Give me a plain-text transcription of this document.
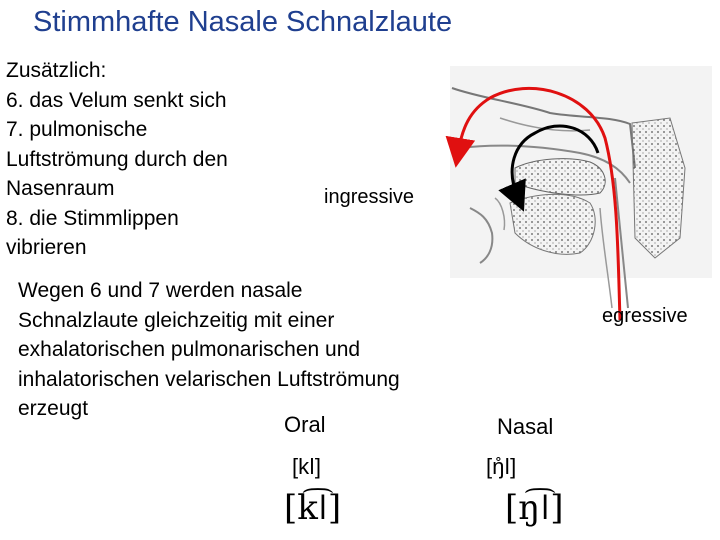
Stimmhafte Nasale Schnalzlaute
Zusätzlich:
6. das Velum senkt sich
7. pulmonische
Luftströmung durch den
Nasenraum
8. die Stimmlippen
vibrieren
ingressive
egressive
Wegen 6 und 7 werden nasale
Schnalzlaute gleichzeitig mit einer
exhalatorischen pulmonarischen und
inhalatorischen velarischen Luftströmung
erzeugt
Oral	Nasal
[kǀ]	[ŋ̊ǀ]
[k͡ǀ]	[ŋ͡ǀ]
